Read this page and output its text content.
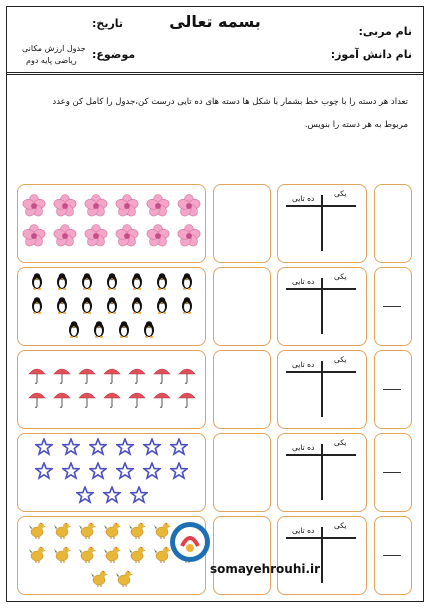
بسمه تعالی
نام مربی:
نام دانش آموز:
تاریخ:
موضوع:
جدول ارزش مکانی
ریاضی پایه دوم
تعداد هر دسته را با چوب خط بشمار با شکل ها دسته های ده تایی درست کن،جدول را کامل کن وعدد
مربوط به هر دسته را بنویس.
یکی
ده تایی
یکی
ده تایی
یکی
ده تایی
یکی
ده تایی
یکی
ده تایی
somayehrouhi.ir
